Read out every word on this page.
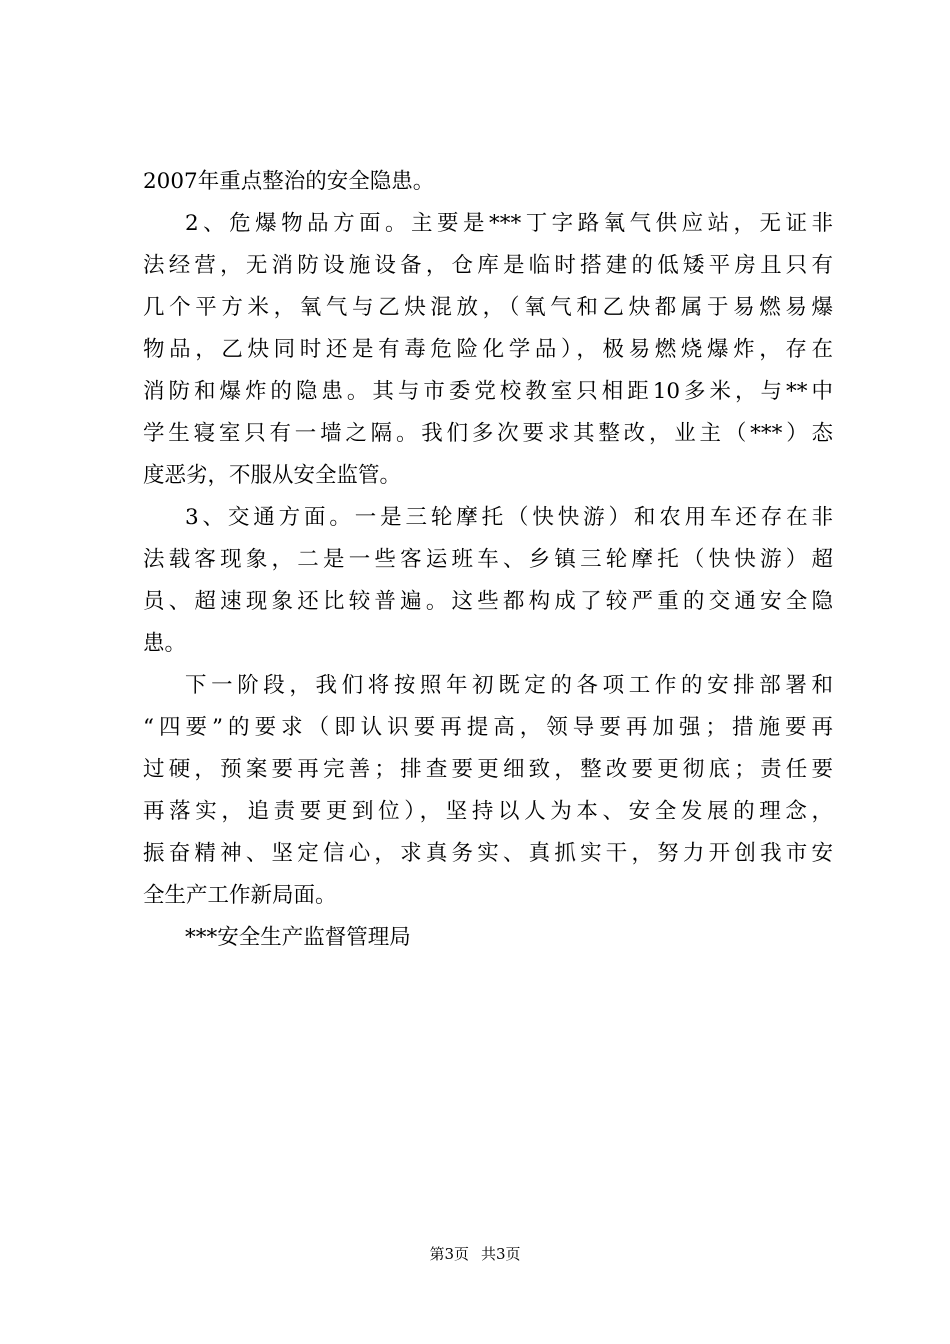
2007年重点整治的安全隐患。
2、危爆物品方面。主要是***丁字路氧气供应站，无证非
法经营，无消防设施设备，仓库是临时搭建的低矮平房且只有
几个平方米，氧气与乙炔混放，（氧气和乙炔都属于易燃易爆
物品，乙炔同时还是有毒危险化学品），极易燃烧爆炸，存在
消防和爆炸的隐患。其与市委党校教室只相距10多米，与**中
学生寝室只有一墙之隔。我们多次要求其整改，业主（***）态
度恶劣，不服从安全监管。
3、交通方面。一是三轮摩托（快快游）和农用车还存在非
法载客现象，二是一些客运班车、乡镇三轮摩托（快快游）超
员、超速现象还比较普遍。这些都构成了较严重的交通安全隐
患。
下一阶段，我们将按照年初既定的各项工作的安排部署和
“四要”的要求（即认识要再提高，领导要再加强；措施要再
过硬，预案要再完善；排查要更细致，整改要更彻底；责任要
再落实，追责要更到位），坚持以人为本、安全发展的理念，
振奋精神、坚定信心，求真务实、真抓实干，努力开创我市安
全生产工作新局面。
***安全生产监督管理局
第3页 共3页
